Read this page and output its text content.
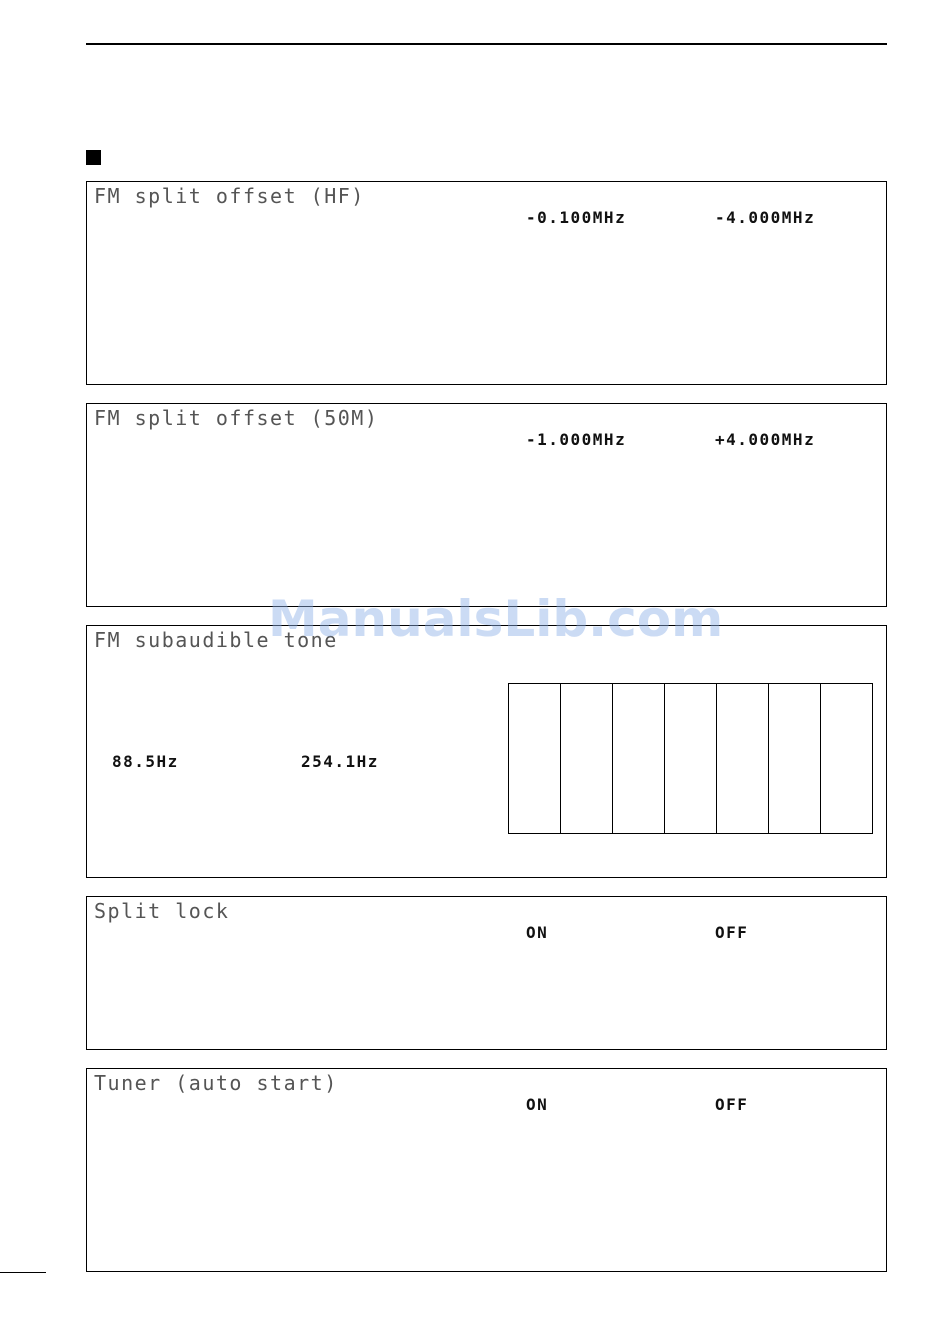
FM split offset (HF)
-0.100MHz	-4.000MHz
FM split offset (50M)
-1.000MHz	+4.000MHz
FM subaudible tone
88.5Hz	254.1Hz
Split lock
ON	OFF
Tuner (auto start)
ON	OFF
ManualsLib.com
